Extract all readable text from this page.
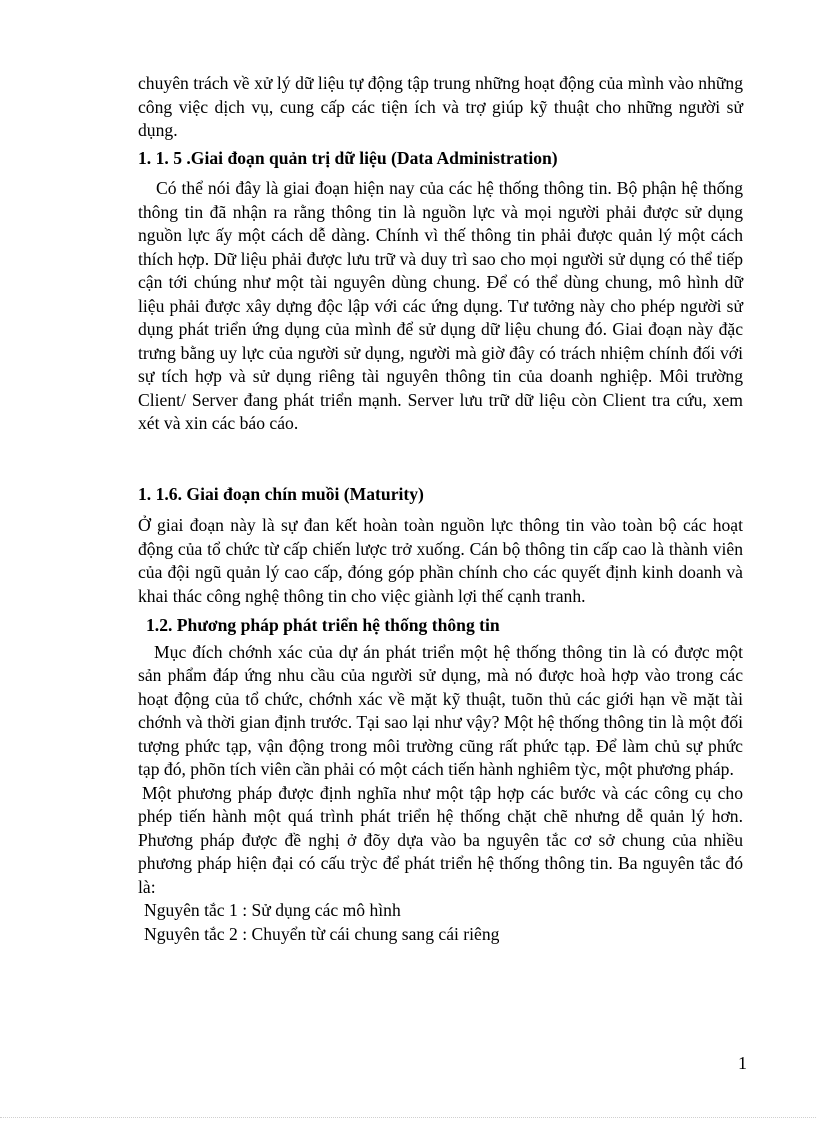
chuyên trách về xử lý dữ liệu tự động tập trung những hoạt động của mình vào những công việc dịch vụ, cung cấp các tiện ích và trợ giúp kỹ thuật cho những người sử dụng.

1. 1. 5 .Giai đoạn quản trị dữ liệu (Data Administration)

Có thể nói đây là giai đoạn hiện nay của các hệ thống thông tin. Bộ phận hệ thống thông tin đã nhận ra rằng thông tin là nguồn lực và mọi người phải được sử dụng nguồn lực ấy một cách dễ dàng. Chính vì thế thông tin phải được quản lý một cách thích hợp. Dữ liệu phải được lưu trữ và duy trì sao cho mọi người sử dụng có thể tiếp cận tới chúng như một tài nguyên dùng chung. Để có thể dùng chung, mô hình dữ liệu phải được xây dựng độc lập với các ứng dụng. Tư tưởng này cho phép người sử dụng phát triển ứng dụng của mình để sử dụng dữ liệu chung đó. Giai đoạn này đặc trưng bằng uy lực của người sử dụng, người mà giờ đây có trách nhiệm chính đối với sự tích hợp và sử dụng riêng tài nguyên thông tin của doanh nghiệp. Môi trường Client/ Server đang phát triển mạnh. Server lưu trữ dữ liệu còn Client tra cứu, xem xét và xin các báo cáo.

1. 1.6. Giai đoạn chín muồi (Maturity)

Ở giai đoạn này là sự đan kết hoàn toàn nguồn lực thông tin vào toàn bộ các hoạt động của tổ chức từ cấp chiến lược trở xuống. Cán bộ thông tin cấp cao là thành viên của đội ngũ quản lý cao cấp, đóng góp phần chính cho các quyết định kinh doanh và khai thác công nghệ thông tin cho việc giành lợi thế cạnh tranh.

1.2. Phương pháp phát triển hệ thống thông tin

Mục đích chớnh xác của dự án phát triển một hệ thống thông tin là có được một sản phẩm đáp ứng nhu cầu của người sử dụng, mà nó được hoà hợp vào trong các hoạt động của tổ chức, chớnh xác về mặt kỹ thuật, tuõn thủ các giới hạn về mặt tài chớnh và thời gian định trước. Tại sao lại như vậy? Một hệ thống thông tin là một đối tượng phức tạp, vận động trong môi trường cũng rất phức tạp. Để làm chủ sự phức tạp đó, phõn tích viên cần phải có một cách tiến hành nghiêm tỳc, một phương pháp.

Một phương pháp được định nghĩa như một tập hợp các bước và các công cụ cho phép tiến hành một quá trình phát triển hệ thống chặt chẽ nhưng dễ quản lý hơn. Phương pháp được đề nghị ở đõy dựa vào ba nguyên tắc cơ sở chung của nhiều phương pháp hiện đại có cấu trỳc để phát triển hệ thống thông tin. Ba nguyên tắc đó là:

Nguyên tắc 1 : Sử dụng các mô hình

Nguyên tắc 2 : Chuyển từ cái chung sang cái riêng

1
